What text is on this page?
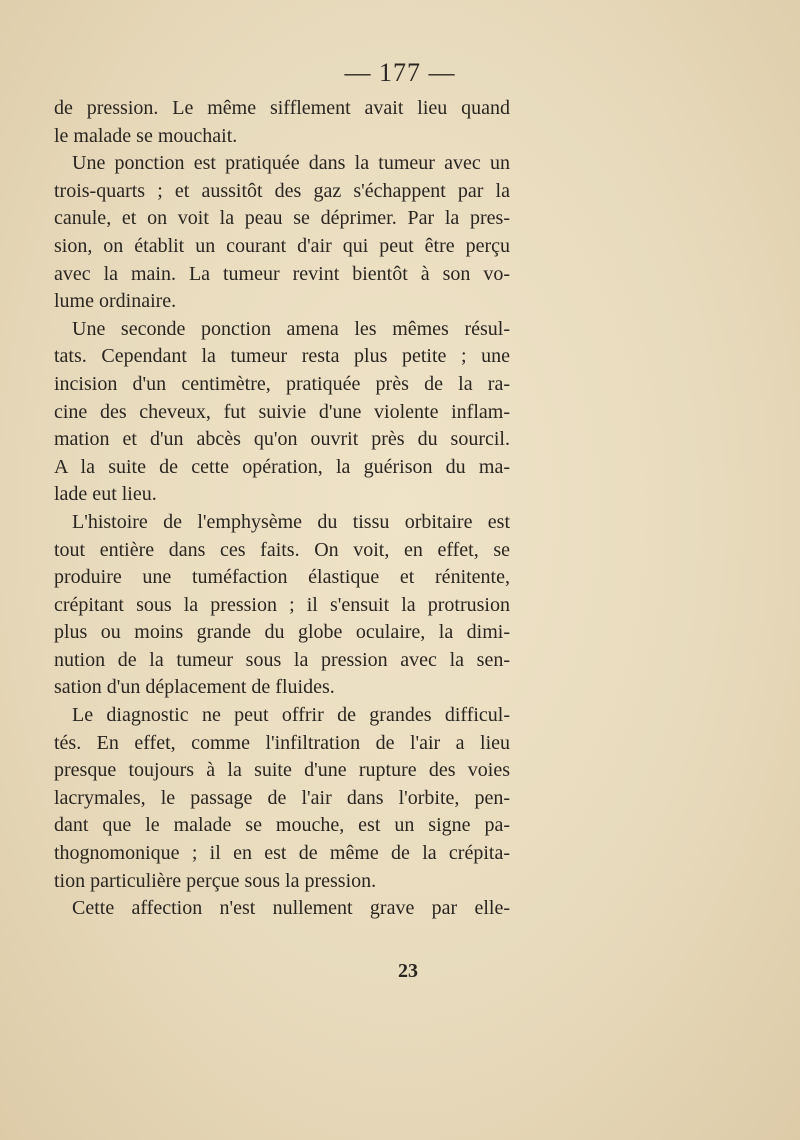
— 177 —
de pression. Le même sifflement avait lieu quand
le malade se mouchait.
Une ponction est pratiquée dans la tumeur avec un
trois-quarts ; et aussitôt des gaz s'échappent par la
canule, et on voit la peau se déprimer. Par la pres-
sion, on établit un courant d'air qui peut être perçu
avec la main. La tumeur revint bientôt à son vo-
lume ordinaire.
Une seconde ponction amena les mêmes résul-
tats. Cependant la tumeur resta plus petite ; une
incision d'un centimètre, pratiquée près de la ra-
cine des cheveux, fut suivie d'une violente inflam-
mation et d'un abcès qu'on ouvrit près du sourcil.
A la suite de cette opération, la guérison du ma-
lade eut lieu.
L'histoire de l'emphysème du tissu orbitaire est
tout entière dans ces faits. On voit, en effet, se
produire une tuméfaction élastique et rénitente,
crépitant sous la pression ; il s'ensuit la protrusion
plus ou moins grande du globe oculaire, la dimi-
nution de la tumeur sous la pression avec la sen-
sation d'un déplacement de fluides.
Le diagnostic ne peut offrir de grandes difficul-
tés. En effet, comme l'infiltration de l'air a lieu
presque toujours à la suite d'une rupture des voies
lacrymales, le passage de l'air dans l'orbite, pen-
dant que le malade se mouche, est un signe pa-
thognomonique ; il en est de même de la crépita-
tion particulière perçue sous la pression.
Cette affection n'est nullement grave par elle-
23
